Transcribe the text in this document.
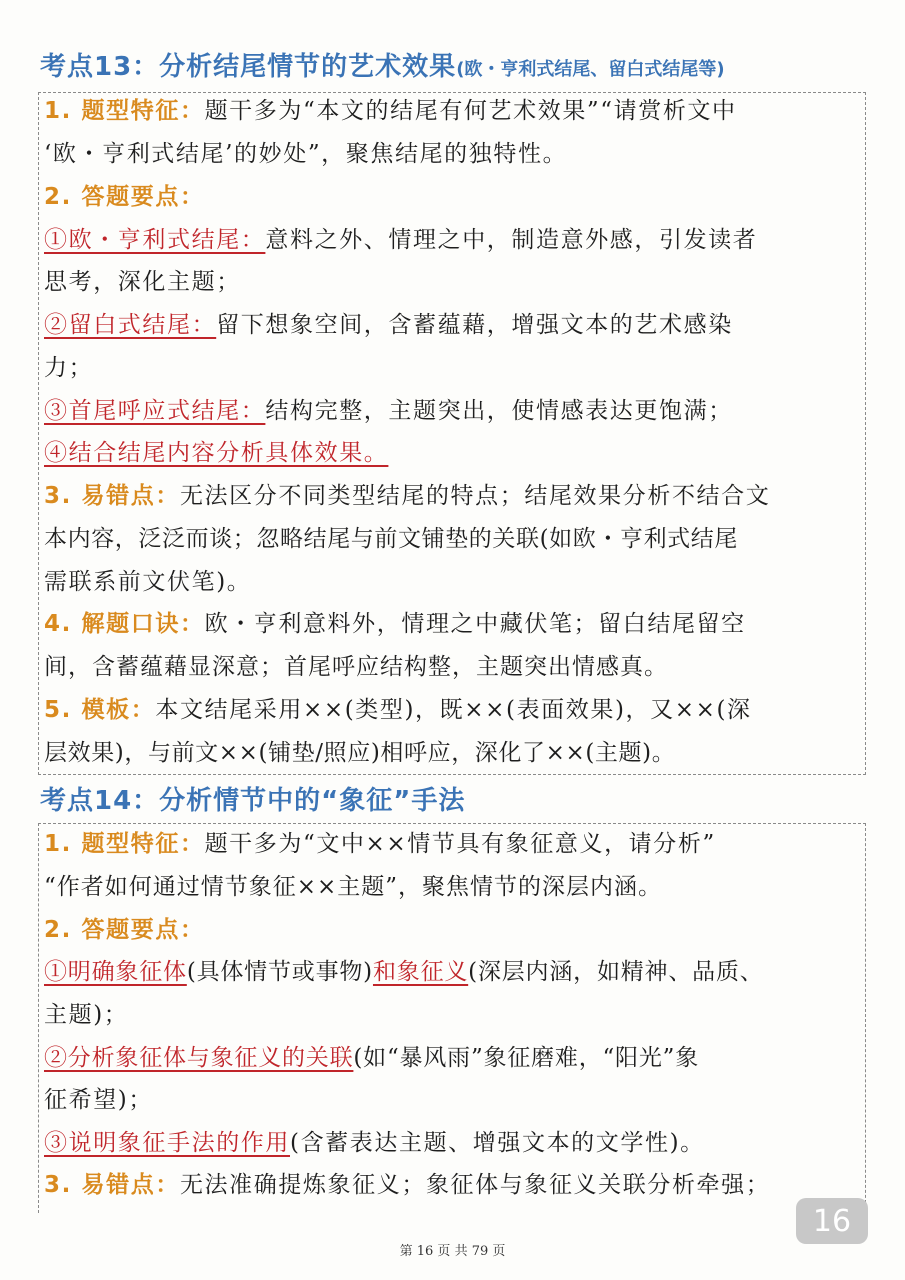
考点13：分析结尾情节的艺术效果(欧・亨利式结尾、留白式结尾等)
1. 题型特征：题干多为“本文的结尾有何艺术效果”“请赏析文中
‘欧・亨利式结尾’的妙处”，聚焦结尾的独特性。
2. 答题要点：
①欧・亨利式结尾：意料之外、情理之中，制造意外感，引发读者
思考，深化主题；
②留白式结尾：留下想象空间，含蓄蕴藉，增强文本的艺术感染
力；
③首尾呼应式结尾：结构完整，主题突出，使情感表达更饱满；
④结合结尾内容分析具体效果。
3. 易错点：无法区分不同类型结尾的特点；结尾效果分析不结合文
本内容，泛泛而谈；忽略结尾与前文铺垫的关联(如欧・亨利式结尾
需联系前文伏笔)。
4. 解题口诀：欧・亨利意料外，情理之中藏伏笔；留白结尾留空
间，含蓄蕴藉显深意；首尾呼应结构整，主题突出情感真。
5. 模板：本文结尾采用××(类型)，既××(表面效果)，又××(深
层效果)，与前文××(铺垫/照应)相呼应，深化了××(主题)。
考点14：分析情节中的“象征”手法
1. 题型特征：题干多为“文中××情节具有象征意义，请分析”
“作者如何通过情节象征××主题”，聚焦情节的深层内涵。
2. 答题要点：
①明确象征体(具体情节或事物)和象征义(深层内涵，如精神、品质、
主题)；
②分析象征体与象征义的关联(如“暴风雨”象征磨难，“阳光”象
征希望)；
③说明象征手法的作用(含蓄表达主题、增强文本的文学性)。
3. 易错点：无法准确提炼象征义；象征体与象征义关联分析牵强；
16
第 16 页 共 79 页
